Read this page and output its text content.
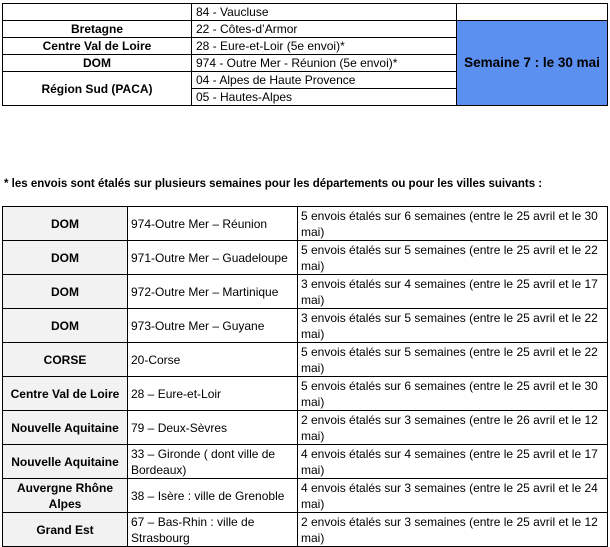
	84 - Vaucluse	
Bretagne	22 - Côtes-d’Armor	Semaine 7 : le 30 mai
Centre Val de Loire	28 - Eure-et-Loir (5e envoi)*	
DOM	974 - Outre Mer - Réunion (5e envoi)*	
Région Sud (PACA)	04 - Alpes de Haute Provence	
	05 - Hautes-Alpes	
* les envois sont étalés sur plusieurs semaines pour les départements ou pour les villes suivants :
DOM	974-Outre Mer – Réunion	5 envois étalés sur 6 semaines (entre le 25 avril et le 30 mai)
DOM	971-Outre Mer – Guadeloupe	5 envois étalés sur 5 semaines (entre le 25 avril et le 22 mai)
DOM	972-Outre Mer – Martinique	3 envois étalés sur 4 semaines (entre le 25 avril et le 17 mai)
DOM	973-Outre Mer – Guyane	3 envois étalés sur 5 semaines (entre le 25 avril et le 22 mai)
CORSE	20-Corse	5 envois étalés sur 5 semaines (entre le 25 avril et le 22 mai)
Centre Val de Loire	28 – Eure-et-Loir	5 envois étalés sur 6 semaines (entre le 25 avril et le 30 mai)
Nouvelle Aquitaine	79 – Deux-Sèvres	2 envois étalés sur 3 semaines (entre le 26 avril et le 12 mai)
Nouvelle Aquitaine	33 – Gironde ( dont ville de Bordeaux)	4 envois étalés sur 4 semaines (entre le 25 avril et le 17 mai)
Auvergne Rhône Alpes	38 – Isère : ville de Grenoble	4 envois étalés sur 3 semaines (entre le 25 avril et le 24 mai)
Grand Est	67 – Bas-Rhin : ville de Strasbourg	2 envois étalés sur 3 semaines (entre le 25 avril et le 12 mai)
